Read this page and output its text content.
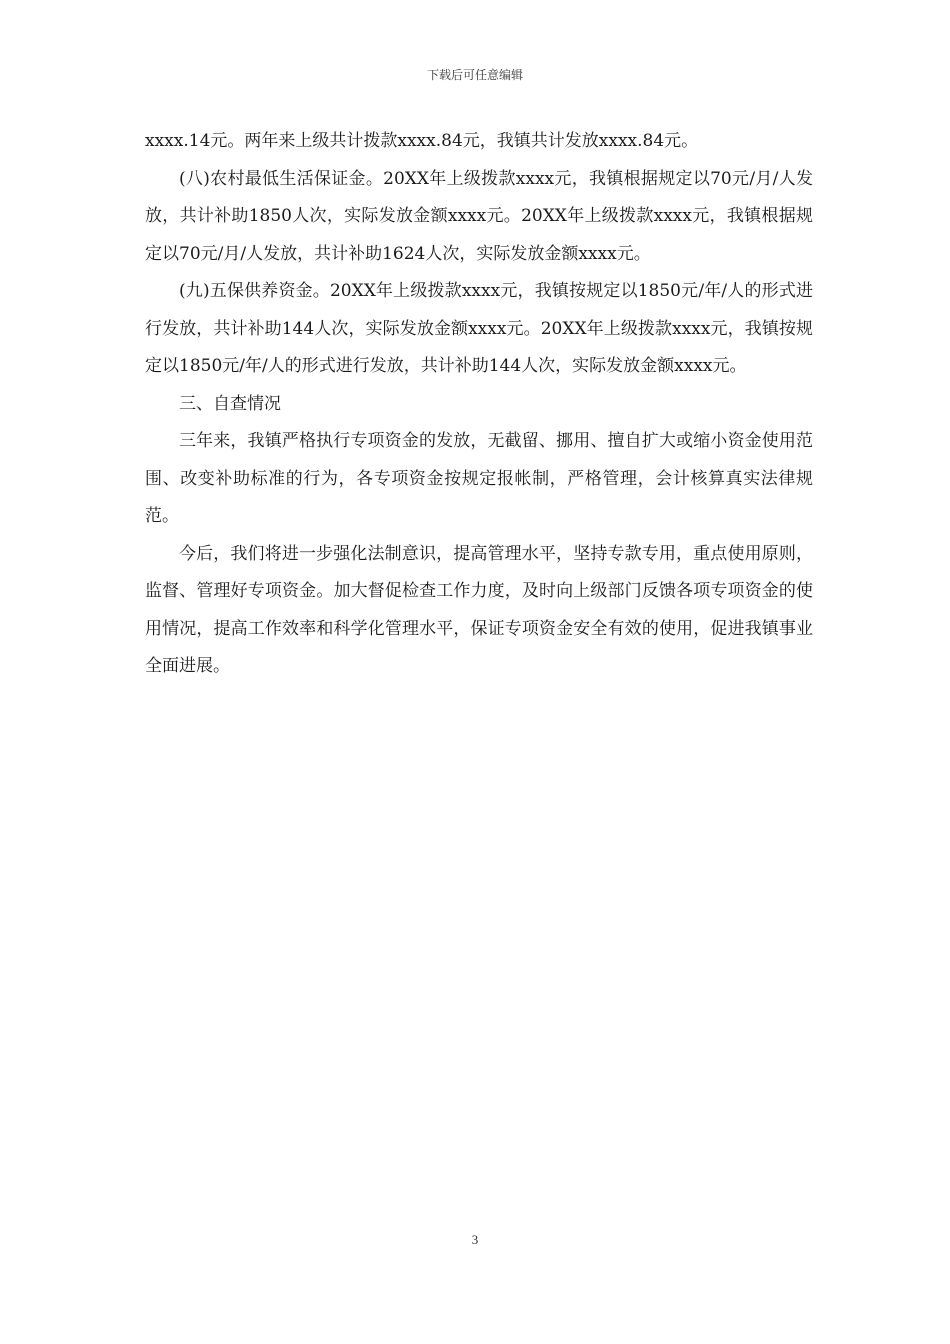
下载后可任意编辑

xxxx.14元。两年来上级共计拨款xxxx.84元，我镇共计发放xxxx.84元。

(八)农村最低生活保证金。20XX年上级拨款xxxx元，我镇根据规定以70元/月/人发放，共计补助1850人次，实际发放金额xxxx元。20XX年上级拨款xxxx元，我镇根据规定以70元/月/人发放，共计补助1624人次，实际发放金额xxxx元。

(九)五保供养资金。20XX年上级拨款xxxx元，我镇按规定以1850元/年/人的形式进行发放，共计补助144人次，实际发放金额xxxx元。20XX年上级拨款xxxx元，我镇按规定以1850元/年/人的形式进行发放，共计补助144人次，实际发放金额xxxx元。

三、自查情况

三年来，我镇严格执行专项资金的发放，无截留、挪用、擅自扩大或缩小资金使用范围、改变补助标准的行为，各专项资金按规定报帐制，严格管理，会计核算真实法律规范。

今后，我们将进一步强化法制意识，提高管理水平，坚持专款专用，重点使用原则，监督、管理好专项资金。加大督促检查工作力度，及时向上级部门反馈各项专项资金的使用情况，提高工作效率和科学化管理水平，保证专项资金安全有效的使用，促进我镇事业全面进展。

3
